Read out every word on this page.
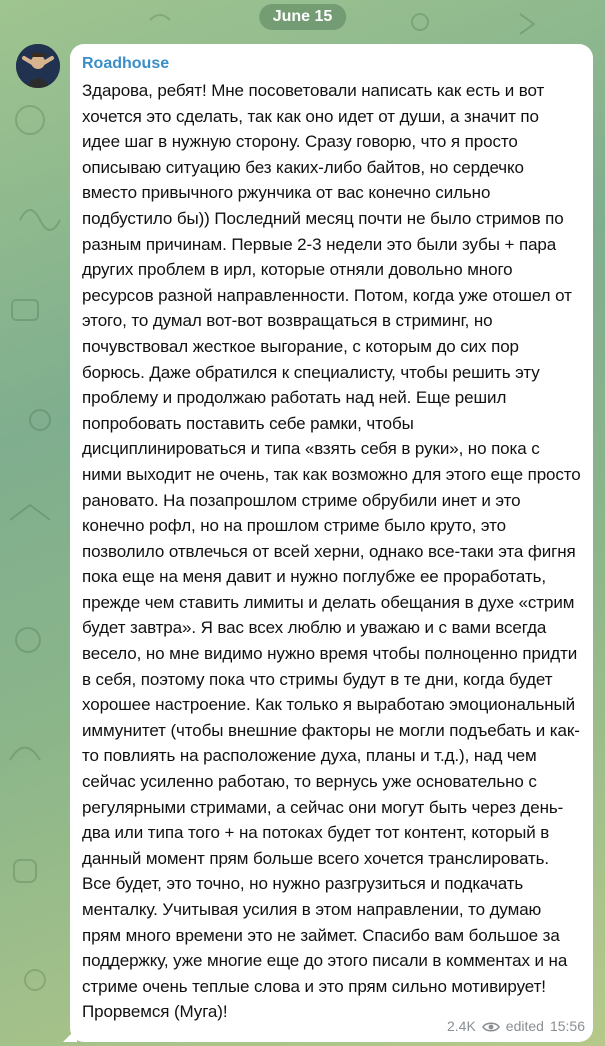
June 15
Roadhouse
Здарова, ребят! Мне посоветовали написать как есть и вот хочется это сделать, так как оно идет от души, а значит по идее шаг в нужную сторону. Сразу говорю, что я просто описываю ситуацию без каких-либо байтов, но сердечко вместо привычного ржунчика от вас конечно сильно подбустило бы)) Последний месяц почти не было стримов по разным причинам. Первые 2-3 недели это были зубы + пара других проблем в ирл, которые отняли довольно много ресурсов разной направленности. Потом, когда уже отошел от этого, то думал вот-вот возвращаться в стриминг, но почувствовал жесткое выгорание, с которым до сих пор борюсь. Даже обратился к специалисту, чтобы решить эту проблему и продолжаю работать над ней. Еще решил попробовать поставить себе рамки, чтобы дисциплинироваться и типа «взять себя в руки», но пока с ними выходит не очень, так как возможно для этого еще просто рановато. На позапрошлом стриме обрубили инет и это конечно рофл, но на прошлом стриме было круто, это позволило отвлечься от всей херни, однако все-таки эта фигня пока еще на меня давит и нужно поглубже ее проработать, прежде чем ставить лимиты и делать обещания в духе «стрим будет завтра». Я вас всех люблю и уважаю и с вами всегда весело, но мне видимо нужно время чтобы полноценно придти в себя, поэтому пока что стримы будут в те дни, когда будет хорошее настроение. Как только я выработаю эмоциональный иммунитет (чтобы внешние факторы не могли подъебать и как-то повлиять на расположение духа, планы и т.д.), над чем сейчас усиленно работаю, то вернусь уже основательно с регулярными стримами, а сейчас они могут быть через день-два или типа того + на потоках будет тот контент, который в данный момент прям больше всего хочется транслировать. Все будет, это точно, но нужно разгрузиться и подкачать менталку. Учитывая усилия в этом направлении, то думаю прям много времени это не займет. Спасибо вам большое за поддержку, уже многие еще до этого писали в комментах и на стриме очень теплые слова и это прям сильно мотивирует! Прорвемся (Муга)!
2.4K edited 15:56
